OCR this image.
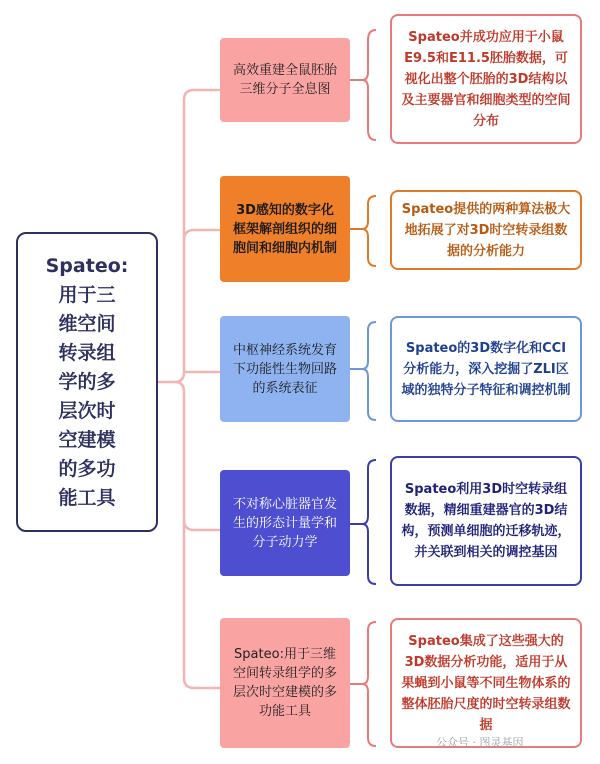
Spateo:
用于三
维空间
转录组
学的多
层次时
空建模
的多功
能工具
高效重建全鼠胚胎三维分子全息图
Spateo并成功应用于小鼠E9.5和E11.5胚胎数据，可视化出整个胚胎的3D结构以及主要器官和细胞类型的空间分布
3D感知的数字化框架解剖组织的细胞间和细胞内机制
Spateo提供的两种算法极大地拓展了对3D时空转录组数据的分析能力
中枢神经系统发育下功能性生物回路的系统表征
Spateo的3D数字化和CCI分析能力，深入挖掘了ZLI区域的独特分子特征和调控机制
不对称心脏器官发生的形态计量学和分子动力学
Spateo利用3D时空转录组数据，精细重建器官的3D结构，预测单细胞的迁移轨迹，并关联到相关的调控基因
Spateo:用于三维空间转录组学的多层次时空建模的多功能工具
Spateo集成了这些强大的3D数据分析功能，适用于从果蝇到小鼠等不同生物体系的整体胚胎尺度的时空转录组数据
公众号 · 图灵基因
